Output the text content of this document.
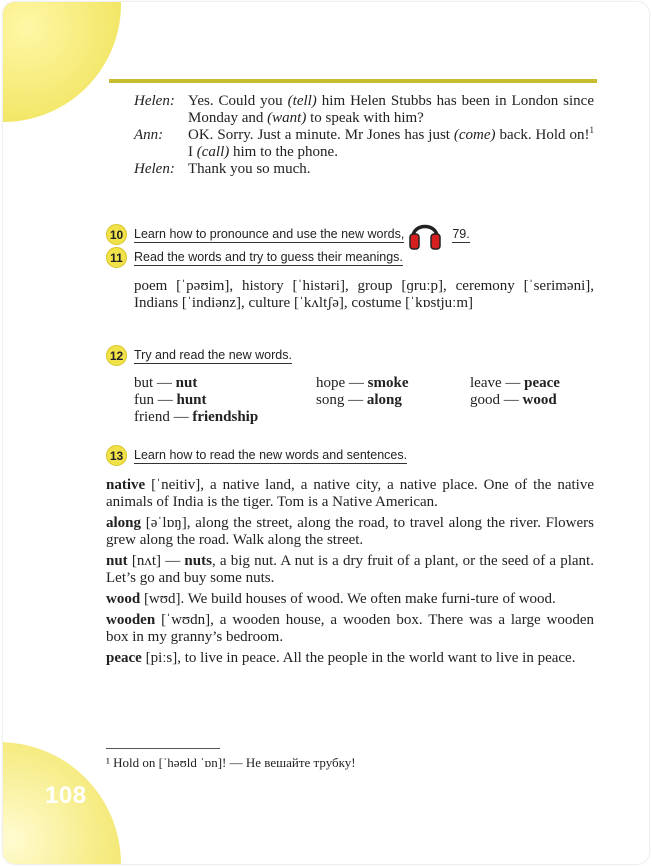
108
Helen: Yes. Could you (tell) him Helen Stubbs has been in London since Monday and (want) to speak with him?
Ann:	OK. Sorry. Just a minute. Mr Jones has just (come) back. Hold on!$^1$ I (call) him to the phone.
Helen: Thank you so much.
10 Learn how to pronounce and use the new words,	79.
11 Read the words and try to guess their meanings.
poem [ˈpəʊim], history [ˈhistəri], group [ɡruːp], ceremony [ˈseriməni], Indians [ˈindiənz], culture [ˈkʌltʃə], costume [ˈkɒstjuːm]
12 Try and read the new words.
but — nut	hope — smoke	leave — peace
fun — hunt	song — along	good — wood
friend — friendship
13 Learn how to read the new words and sentences.
native [ˈneitiv], a native land, a native city, a native place. One of the native animals of India is the tiger. Tom is a Native American.
along [əˈlɒŋ], along the street, along the road, to travel along the river. Flowers grew along the road. Walk along the street.
nut [nʌt] — nuts, a big nut. A nut is a dry fruit of a plant, or the seed of a plant. Let’s go and buy some nuts.
wood [wʊd]. We build houses of wood. We often make furni-ture of wood.
wooden [ˈwʊdn], a wooden house, a wooden box. There was a large wooden box in my granny’s bedroom.
peace [piːs], to live in peace. All the people in the world want to live in peace.
¹ Hold on [ˈhəʊld ˈɒn]! — Не вешайте трубку!
